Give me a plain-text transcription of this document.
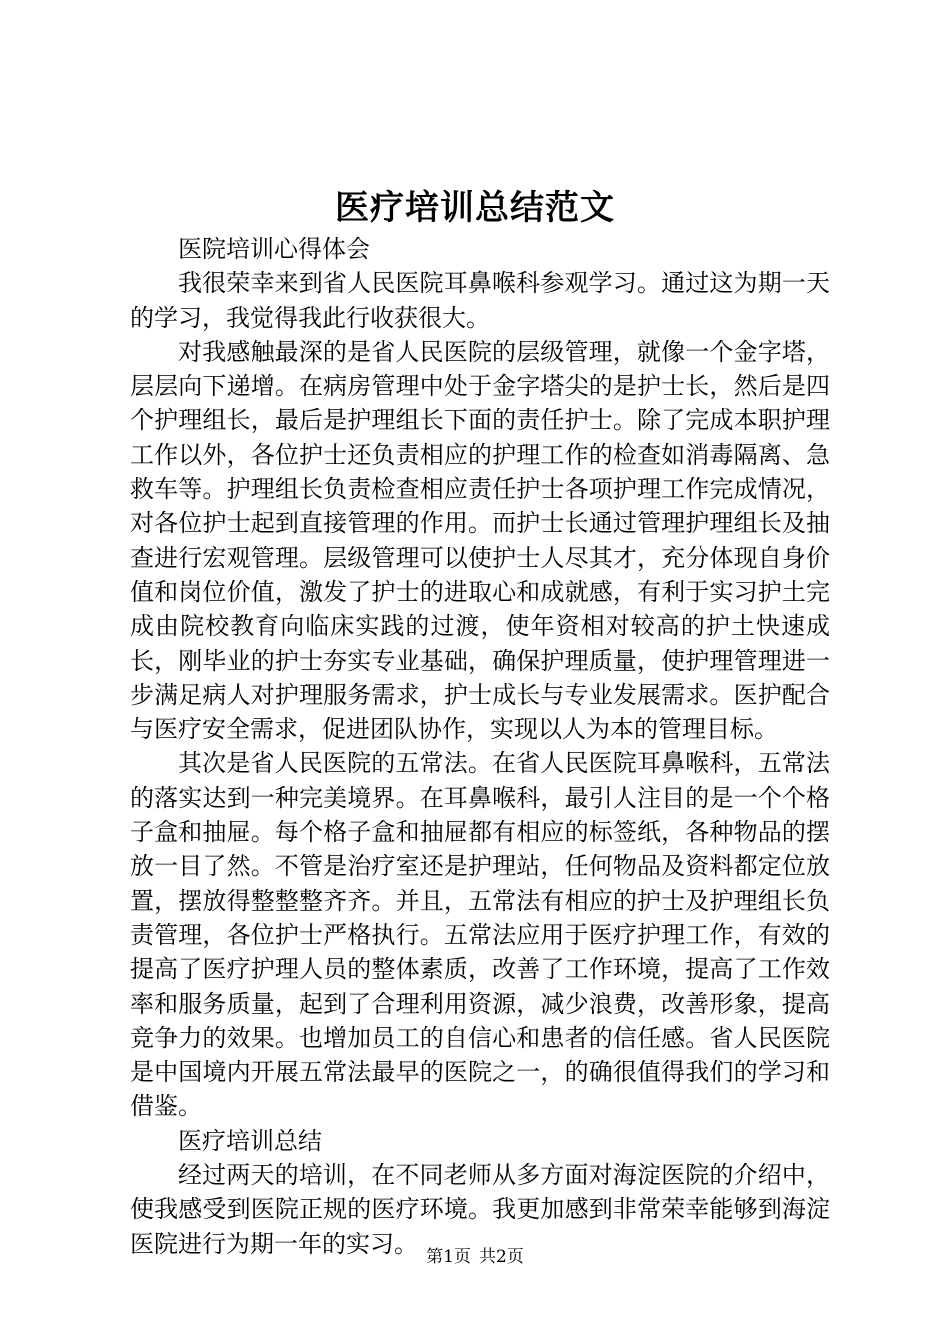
医疗培训总结范文

医院培训心得体会

我很荣幸来到省人民医院耳鼻喉科参观学习。通过这为期一天的学习，我觉得我此行收获很大。

对我感触最深的是省人民医院的层级管理，就像一个金字塔，层层向下递增。在病房管理中处于金字塔尖的是护士长，然后是四个护理组长，最后是护理组长下面的责任护士。除了完成本职护理工作以外，各位护士还负责相应的护理工作的检查如消毒隔离、急救车等。护理组长负责检查相应责任护士各项护理工作完成情况，对各位护士起到直接管理的作用。而护士长通过管理护理组长及抽查进行宏观管理。层级管理可以使护士人尽其才，充分体现自身价值和岗位价值，激发了护士的进取心和成就感，有利于实习护土完成由院校教育向临床实践的过渡，使年资相对较高的护土快速成长，刚毕业的护士夯实专业基础，确保护理质量，使护理管理进一步满足病人对护理服务需求，护士成长与专业发展需求。医护配合与医疗安全需求，促进团队协作，实现以人为本的管理目标。

其次是省人民医院的五常法。在省人民医院耳鼻喉科，五常法的落实达到一种完美境界。在耳鼻喉科，最引人注目的是一个个格子盒和抽屉。每个格子盒和抽屉都有相应的标签纸，各种物品的摆放一目了然。不管是治疗室还是护理站，任何物品及资料都定位放置，摆放得整整整齐齐。并且，五常法有相应的护士及护理组长负责管理，各位护士严格执行。五常法应用于医疗护理工作，有效的提高了医疗护理人员的整体素质，改善了工作环境，提高了工作效率和服务质量，起到了合理利用资源，减少浪费，改善形象，提高竞争力的效果。也增加员工的自信心和患者的信任感。省人民医院是中国境内开展五常法最早的医院之一，的确很值得我们的学习和借鉴。

医疗培训总结

经过两天的培训，在不同老师从多方面对海淀医院的介绍中，使我感受到医院正规的医疗环境。我更加感到非常荣幸能够到海淀医院进行为期一年的实习。 第1页 共2页
